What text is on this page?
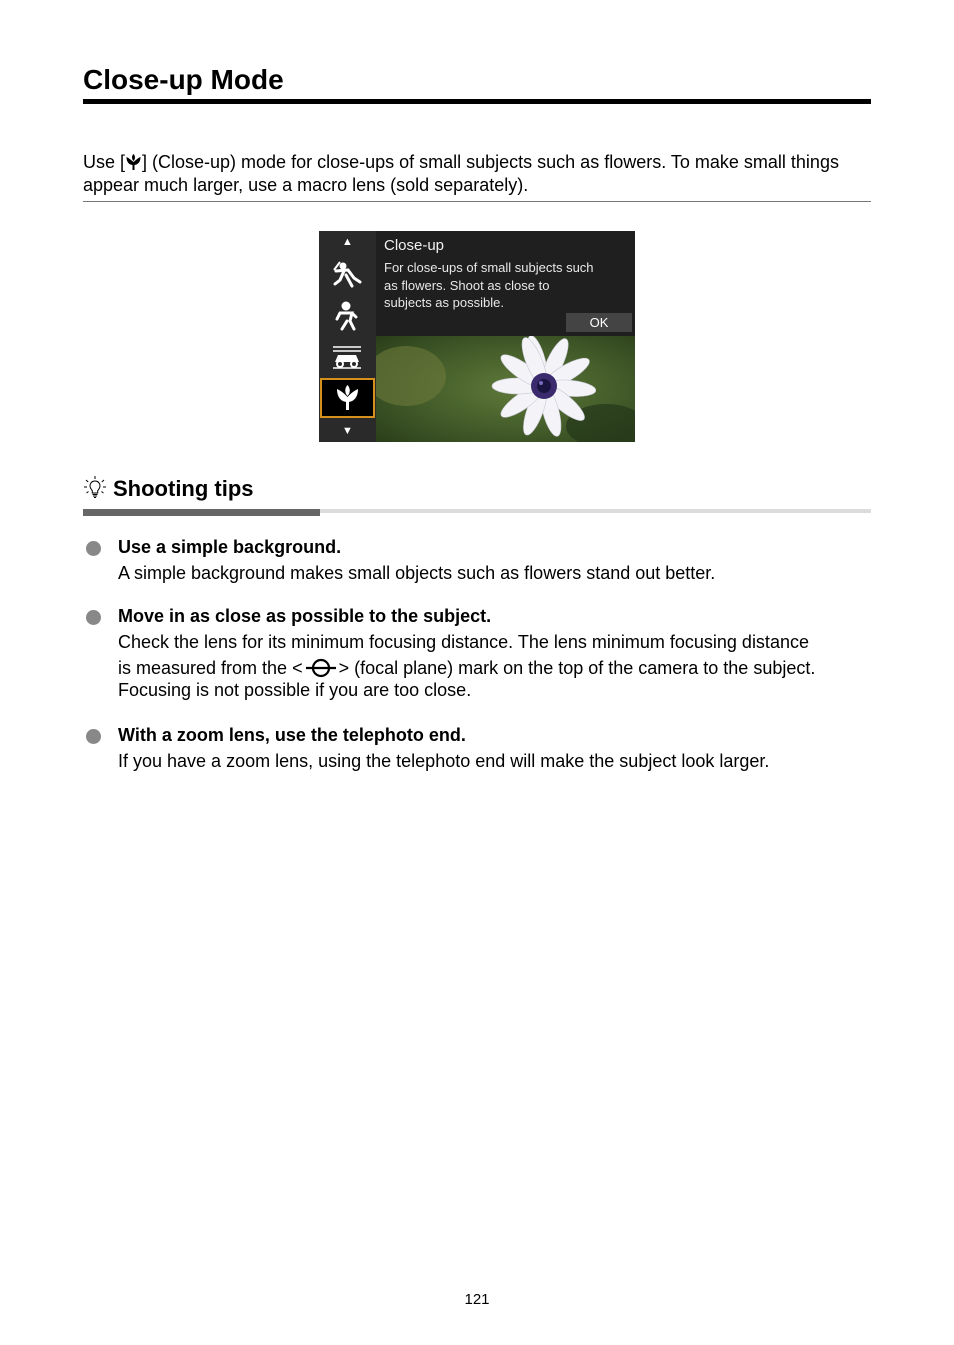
Close-up Mode

Use [ ] (Close-up) mode for close-ups of small subjects such as flowers. To make small things appear much larger, use a macro lens (sold separately).

▲
▼
Close-up
For close-ups of small subjects such as flowers. Shoot as close to subjects as possible.
OK
Shooting tips
Use a simple background.
A simple background makes small objects such as flowers stand out better.
Move in as close as possible to the subject.
Check the lens for its minimum focusing distance. The lens minimum focusing distance
is measured from the < > (focal plane) mark on the top of the camera to the subject.
Focusing is not possible if you are too close.
With a zoom lens, use the telephoto end.
If you have a zoom lens, using the telephoto end will make the subject look larger.
121
